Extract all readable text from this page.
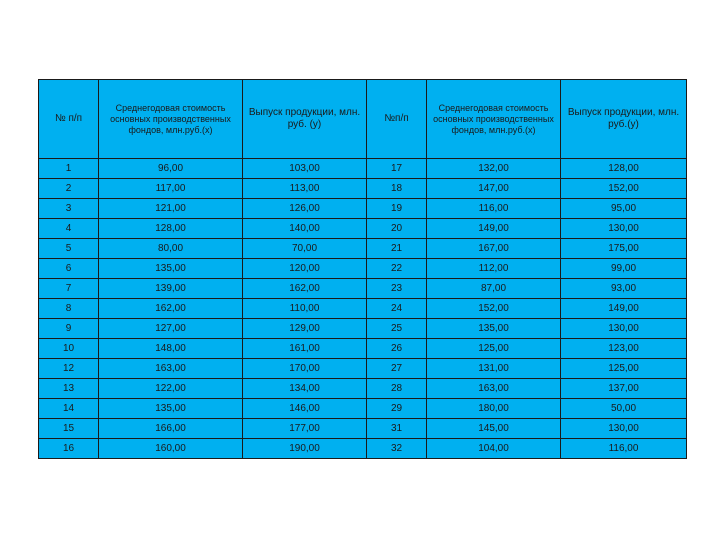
№ п/п	Среднегодовая стоимость основных производственных фондов, млн.руб.(x)	Выпуск продукции, млн. руб. (y)	№п/п	Среднегодовая стоимость основных производственных фондов, млн.руб.(x)	Выпуск продукции, млн. руб.(y)
1	96,00	103,00	17	132,00	128,00
2	117,00	113,00	18	147,00	152,00
3	121,00	126,00	19	116,00	95,00
4	128,00	140,00	20	149,00	130,00
5	80,00	70,00	21	167,00	175,00
6	135,00	120,00	22	112,00	99,00
7	139,00	162,00	23	87,00	93,00
8	162,00	110,00	24	152,00	149,00
9	127,00	129,00	25	135,00	130,00
10	148,00	161,00	26	125,00	123,00
12	163,00	170,00	27	131,00	125,00
13	122,00	134,00	28	163,00	137,00
14	135,00	146,00	29	180,00	50,00
15	166,00	177,00	31	145,00	130,00
16	160,00	190,00	32	104,00	116,00
